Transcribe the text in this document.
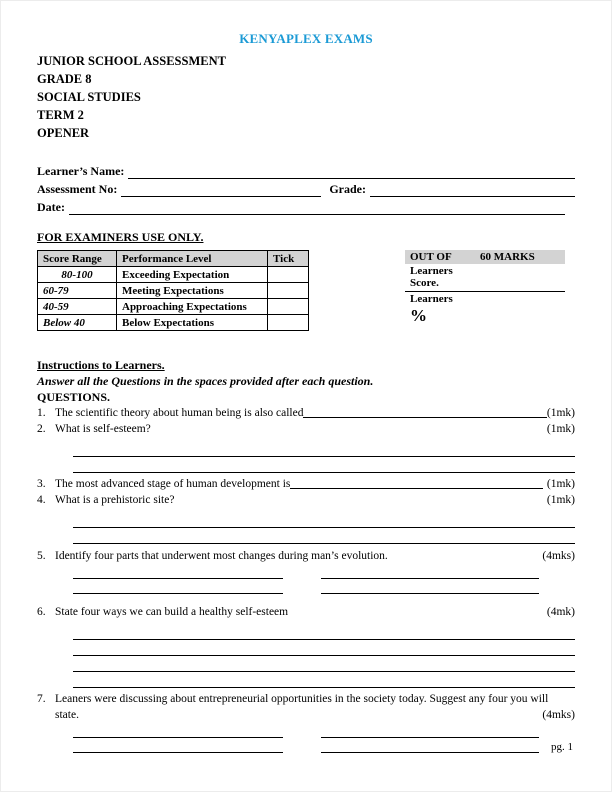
KENYAPLEX EXAMS
JUNIOR SCHOOL ASSESSMENT
GRADE 8
SOCIAL STUDIES
TERM 2
OPENER
Learner’s Name:
Assessment No:	Grade:
Date:
FOR EXAMINERS USE ONLY.
Score Range	Performance Level	Tick
80-100	Exceeding Expectation	
60-79	Meeting Expectations	
40-59	Approaching Expectations	
Below 40	Below Expectations	
OUT OF	60 MARKS
Learners
Score.
Learners
%
Instructions to Learners.
Answer all the Questions in the spaces provided after each question.
QUESTIONS.
1. The scientific theory about human being is also called	(1mk)
2. What is self-esteem?	(1mk)
3. The most advanced stage of human development is	(1mk)
4. What is a prehistoric site?	(1mk)
5. Identify four parts that underwent most changes during man’s evolution.	(4mks)
6. State four ways we can build a healthy self-esteem	(4mk)
7. Leaners were discussing about entrepreneurial opportunities in the society today. Suggest any four you will state.	(4mks)
pg. 1
